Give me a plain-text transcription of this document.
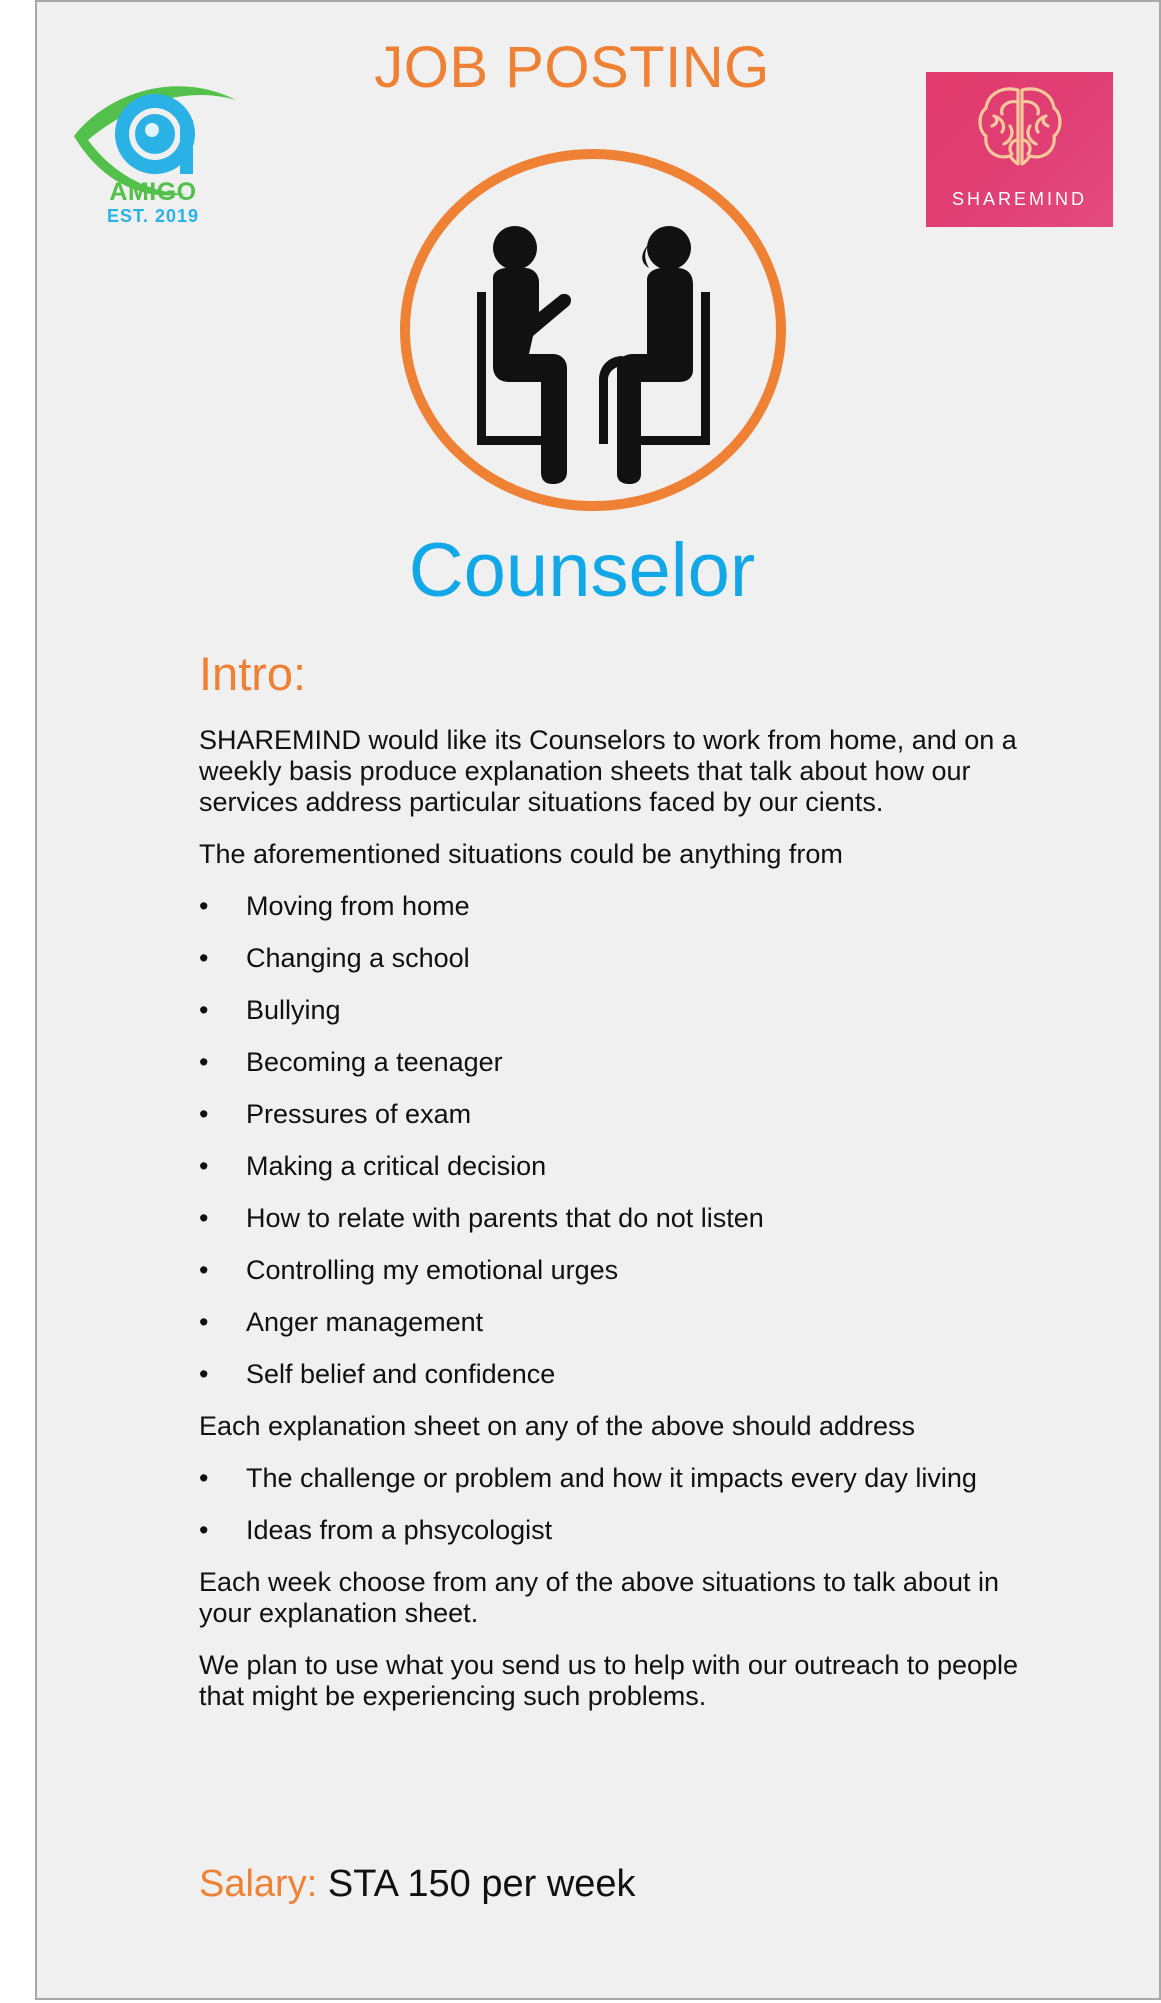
JOB POSTING
AMIGO
EST. 2019
SHAREMIND
Counselor
Intro:

SHAREMIND would like its Counselors to work from home, and on a weekly basis produce explanation sheets that talk about how our services address particular situations faced by our cients.

The aforementioned situations could be anything from

•	Moving from home
•	Changing a school
•	Bullying
•	Becoming a teenager
•	Pressures of exam
•	Making a critical decision
•	How to relate with parents that do not listen
•	Controlling my emotional urges
•	Anger management
•	Self belief and confidence

Each explanation sheet on any of the above should address

•	The challenge or problem and how it impacts every day living
•	Ideas from a phsycologist

Each week choose from any of the above situations to talk about in your explanation sheet.

We plan to use what you send us to help with our outreach to people that might be experiencing such problems.

Salary: STA 150 per week
